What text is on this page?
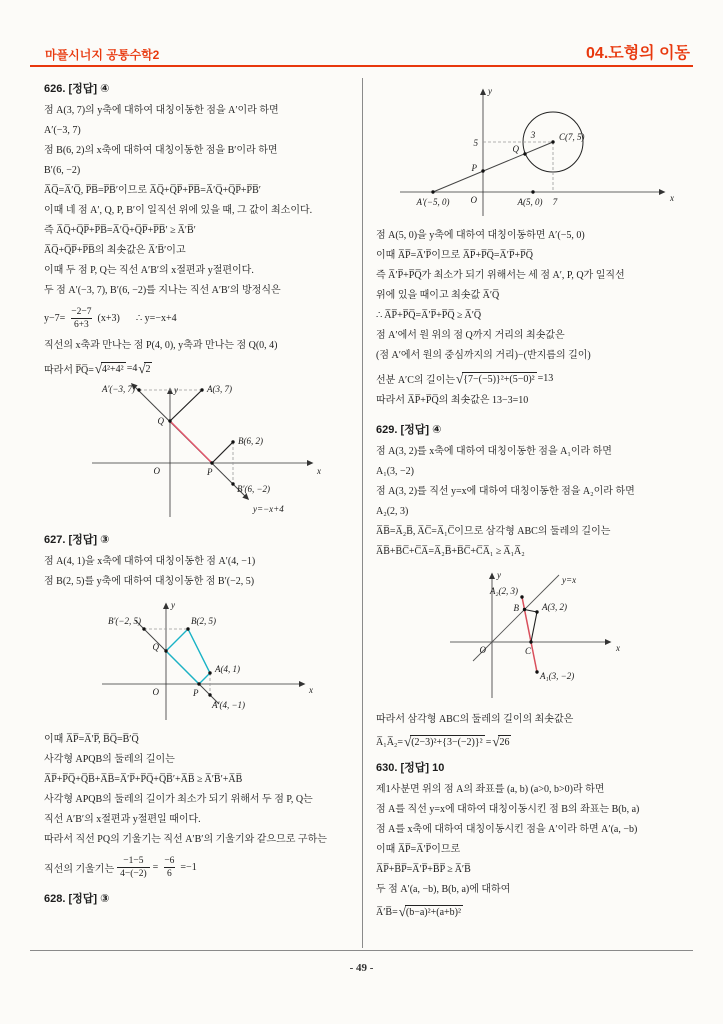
마플시너지 공통수학2	04.도형의 이동
- 49 -
626. [정답] ④

점 A(3, 7)의 y축에 대하여 대칭이동한 점을 A′이라 하면

A′(−3, 7)

점 B(6, 2)의 x축에 대하여 대칭이동한 점을 B′이라 하면

B′(6, −2)

A̅Q̅=A̅′Q̅, P̅B̅=P̅B̅′이므로 A̅Q̅+Q̅P̅+P̅B̅=A̅′Q̅+Q̅P̅+P̅B̅′

이때 네 점 A′, Q, P, B′이 일직선 위에 있을 때, 그 값이 최소이다.

즉 A̅Q̅+Q̅P̅+P̅B̅=A̅′Q̅+Q̅P̅+P̅B̅′ ≥ A̅′B̅′

A̅Q̅+Q̅P̅+P̅B̅의 최솟값은 A̅′B̅′이고

이때 두 점 P, Q는 직선 A′B′의 x절편과 y절편이다.

두 점 A′(−3, 7), B′(6, −2)를 지나는 직선 A′B′의 방정식은

$y-7= \frac{-2-7}{6+3} (x+3)$ ∴ y=−x+4

직선의 x축과 만나는 점 P(4, 0), y축과 만나는 점 Q(0, 4)

따라서 P̅Q̅= √ 4²+4² =4 √ 2
y
x
O
A(3, 7)
A′(−3, 7)
Q
B(6, 2)
B′(6, −2)
P
y=−x+4
627. [정답] ③

점 A(4, 1)을 x축에 대하여 대칭이동한 점 A′(4, −1)

점 B(2, 5)를 y축에 대하여 대칭이동한 점 B′(−2, 5)

y
x
O
B′(−2, 5)	B(2, 5)
Q
A(4, 1)
P
A′(4, −1)

이때 A̅P̅=A̅′P̅, B̅Q̅=B̅′Q̅

사각형 APQB의 둘레의 길이는

A̅P̅+P̅Q̅+Q̅B̅+A̅B̅=A̅′P̅+P̅Q̅+Q̅B̅′+A̅B̅ ≥ A̅′B̅′+A̅B̅

사각형 APQB의 둘레의 길이가 최소가 되기 위해서 두 점 P, Q는

직선 A′B′의 x절편과 y절편일 때이다.

따라서 직선 PQ의 기울기는 직선 A′B′의 기울기와 같으므로 구하는

직선의 기울기는 $\frac{-1-5}{4-(-2)} = \frac{-6}{6} =-1$
628. [정답] ③
y
x
O
A′(−5, 0)	A(5, 0) 7
5
3	C(7, 5)
Q
P

점 A(5, 0)을 y축에 대하여 대칭이동하면 A′(−5, 0)

이때 A̅P̅=A̅′P̅이므로 A̅P̅+P̅Q̅=A̅′P̅+P̅Q̅

즉 A̅′P̅+P̅Q̅가 최소가 되기 위해서는 세 점 A′, P, Q가 일직선

위에 있을 때이고 최솟값 A̅′Q̅

∴ A̅P̅+P̅Q̅=A̅′P̅+P̅Q̅ ≥ A̅′Q̅

점 A′에서 원 위의 점 Q까지 거리의 최솟값은

(점 A′에서 원의 중심까지의 거리)−(반지름의 길이)

선분 A′C의 길이는 √ {7−(−5)}²+(5−0)² =13

따라서 A̅P̅+P̅Q̅의 최솟값은 13−3=10

629. [정답] ④

점 A(3, 2)를 x축에 대하여 대칭이동한 점을 A₁이라 하면

A₁(3, −2)

점 A(3, 2)를 직선 y=x에 대하여 대칭이동한 점을 A₂이라 하면

A₂(2, 3)

A̅B̅=A̅₂B̅, A̅C̅=A̅₁C̅이므로 삼각형 ABC의 둘레의 길이는

A̅B̅+B̅C̅+C̅A̅=A̅₂B̅+B̅C̅+C̅A̅₁ ≥ A̅₁A̅₂

y
x
O
A₂(2, 3)
y=x
B	A(3, 2)
C
A₁(3, −2)

따라서 삼각형 ABC의 둘레의 길이의 최솟값은

A̅₁A̅₂= √ (2−3)²+{3−(−2)}² = √ 26
630. [정답] 10

제1사분면 위의 점 A의 좌표를 (a, b) (a>0, b>0)라 하면

점 A를 직선 y=x에 대하여 대칭이동시킨 점 B의 좌표는 B(b, a)

점 A를 x축에 대하여 대칭이동시킨 점을 A′이라 하면 A′(a, −b)

이때 A̅P̅=A̅′P̅이므로

A̅P̅+B̅P̅=A̅′P̅+B̅P̅ ≥ A̅′B̅

두 점 A′(a, −b), B(b, a)에 대하여

A̅′B̅= √ (b−a)²+(a+b)²
